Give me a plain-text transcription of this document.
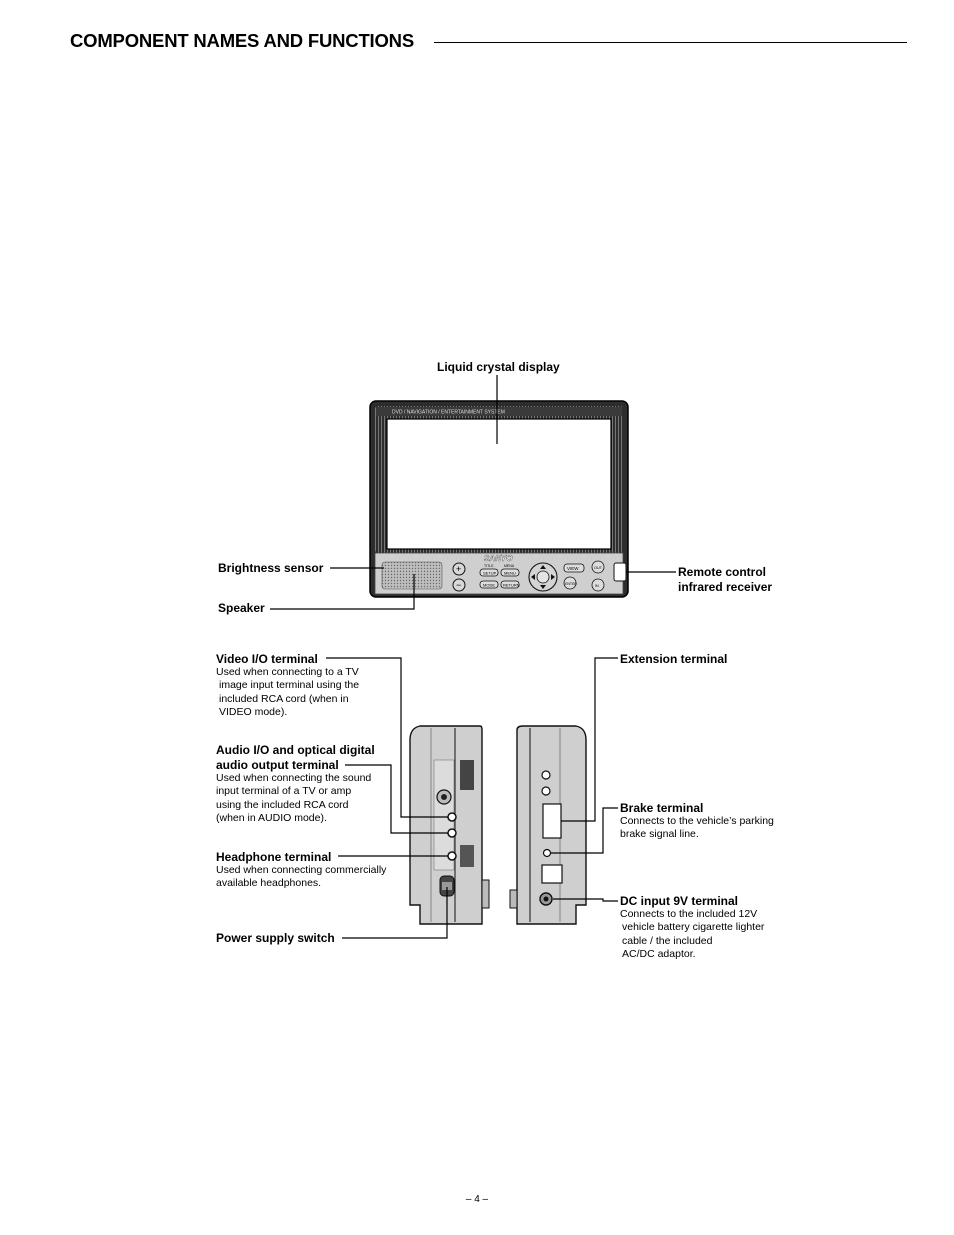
COMPONENT NAMES AND FUNCTIONS
DVD / NAVIGATION / ENTERTAINMENT SYSTEM
SANYO
+
−
TITLE	MENU
SETUP MENU
MODE RETURN
VIEW
ENTER
OUT
IN
Liquid crystal display
Brightness sensor
Speaker
Remote control
infrared receiver
Video I/O terminal
Used when connecting to a TV
image input terminal using the
included RCA cord (when in
VIDEO mode).
Audio I/O and optical digital
audio output terminal
Used when connecting the sound
input terminal of a TV or amp
using the included RCA cord
(when in AUDIO mode).
Headphone terminal
Used when connecting commercially
available headphones.
Power supply switch
Extension terminal
Brake terminal
Connects to the vehicle’s parking
brake signal line.
DC input 9V terminal
Connects to the included 12V
vehicle battery cigarette lighter
cable / the included
AC/DC adaptor.
– 4 –
